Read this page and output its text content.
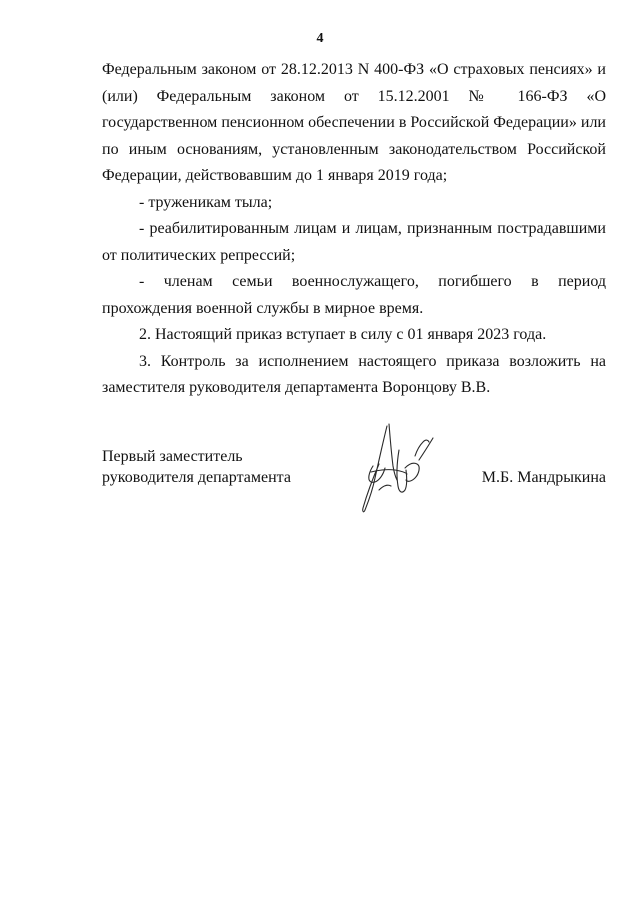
4

Федеральным законом от 28.12.2013 N 400-ФЗ «О страховых пенсиях» и (или) Федеральным законом от 15.12.2001 № 166-ФЗ «О государственном пенсионном обеспечении в Российской Федерации» или по иным основаниям, установленным законодательством Российской Федерации, действовавшим до 1 января 2019 года;

- труженикам тыла;

- реабилитированным лицам и лицам, признанным пострадавшими от политических репрессий;

- членам семьи военнослужащего, погибшего в период прохождения военной службы в мирное время.

2. Настоящий приказ вступает в силу с 01 января 2023 года.

3. Контроль за исполнением настоящего приказа возложить на заместителя руководителя департамента Воронцову В.В.

Первый заместитель
руководителя департамента	М.Б. Мандрыкина
